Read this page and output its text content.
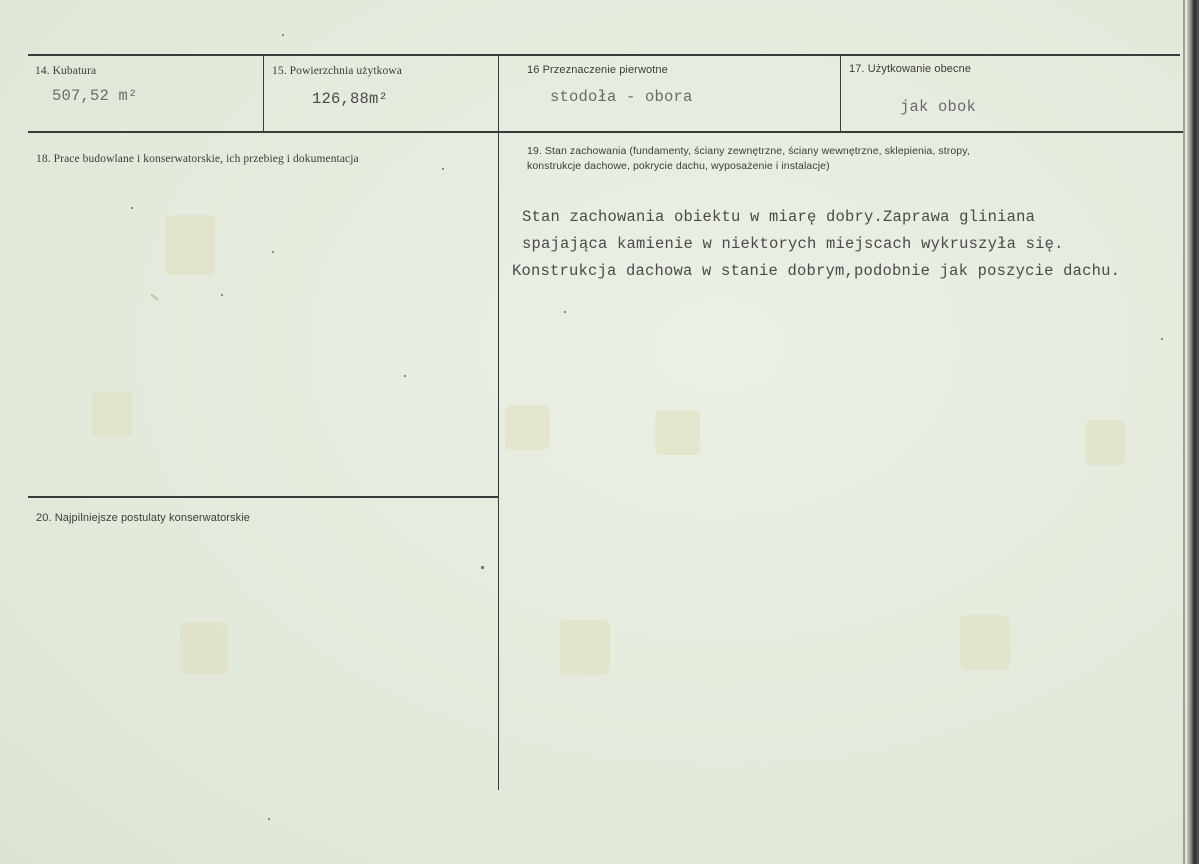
14. Kubatura
507,52 m²
15. Powierzchnia użytkowa
126,88m²
16 Przeznaczenie pierwotne
stodoła - obora
17. Użytkowanie obecne
jak obok
18. Prace budowlane i konserwatorskie, ich przebieg i dokumentacja
19. Stan zachowania (fundamenty, ściany zewnętrzne, ściany wewnętrzne, sklepienia, stropy,
konstrukcje dachowe, pokrycie dachu, wyposażenie i instalacje)
Stan zachowania obiektu w miarę dobry.Zaprawa gliniana
spajająca kamienie w niektorych miejscach wykruszyła się.
Konstrukcja dachowa w stanie dobrym,podobnie jak poszycie dachu.
20. Najpilniejsze postulaty konserwatorskie
